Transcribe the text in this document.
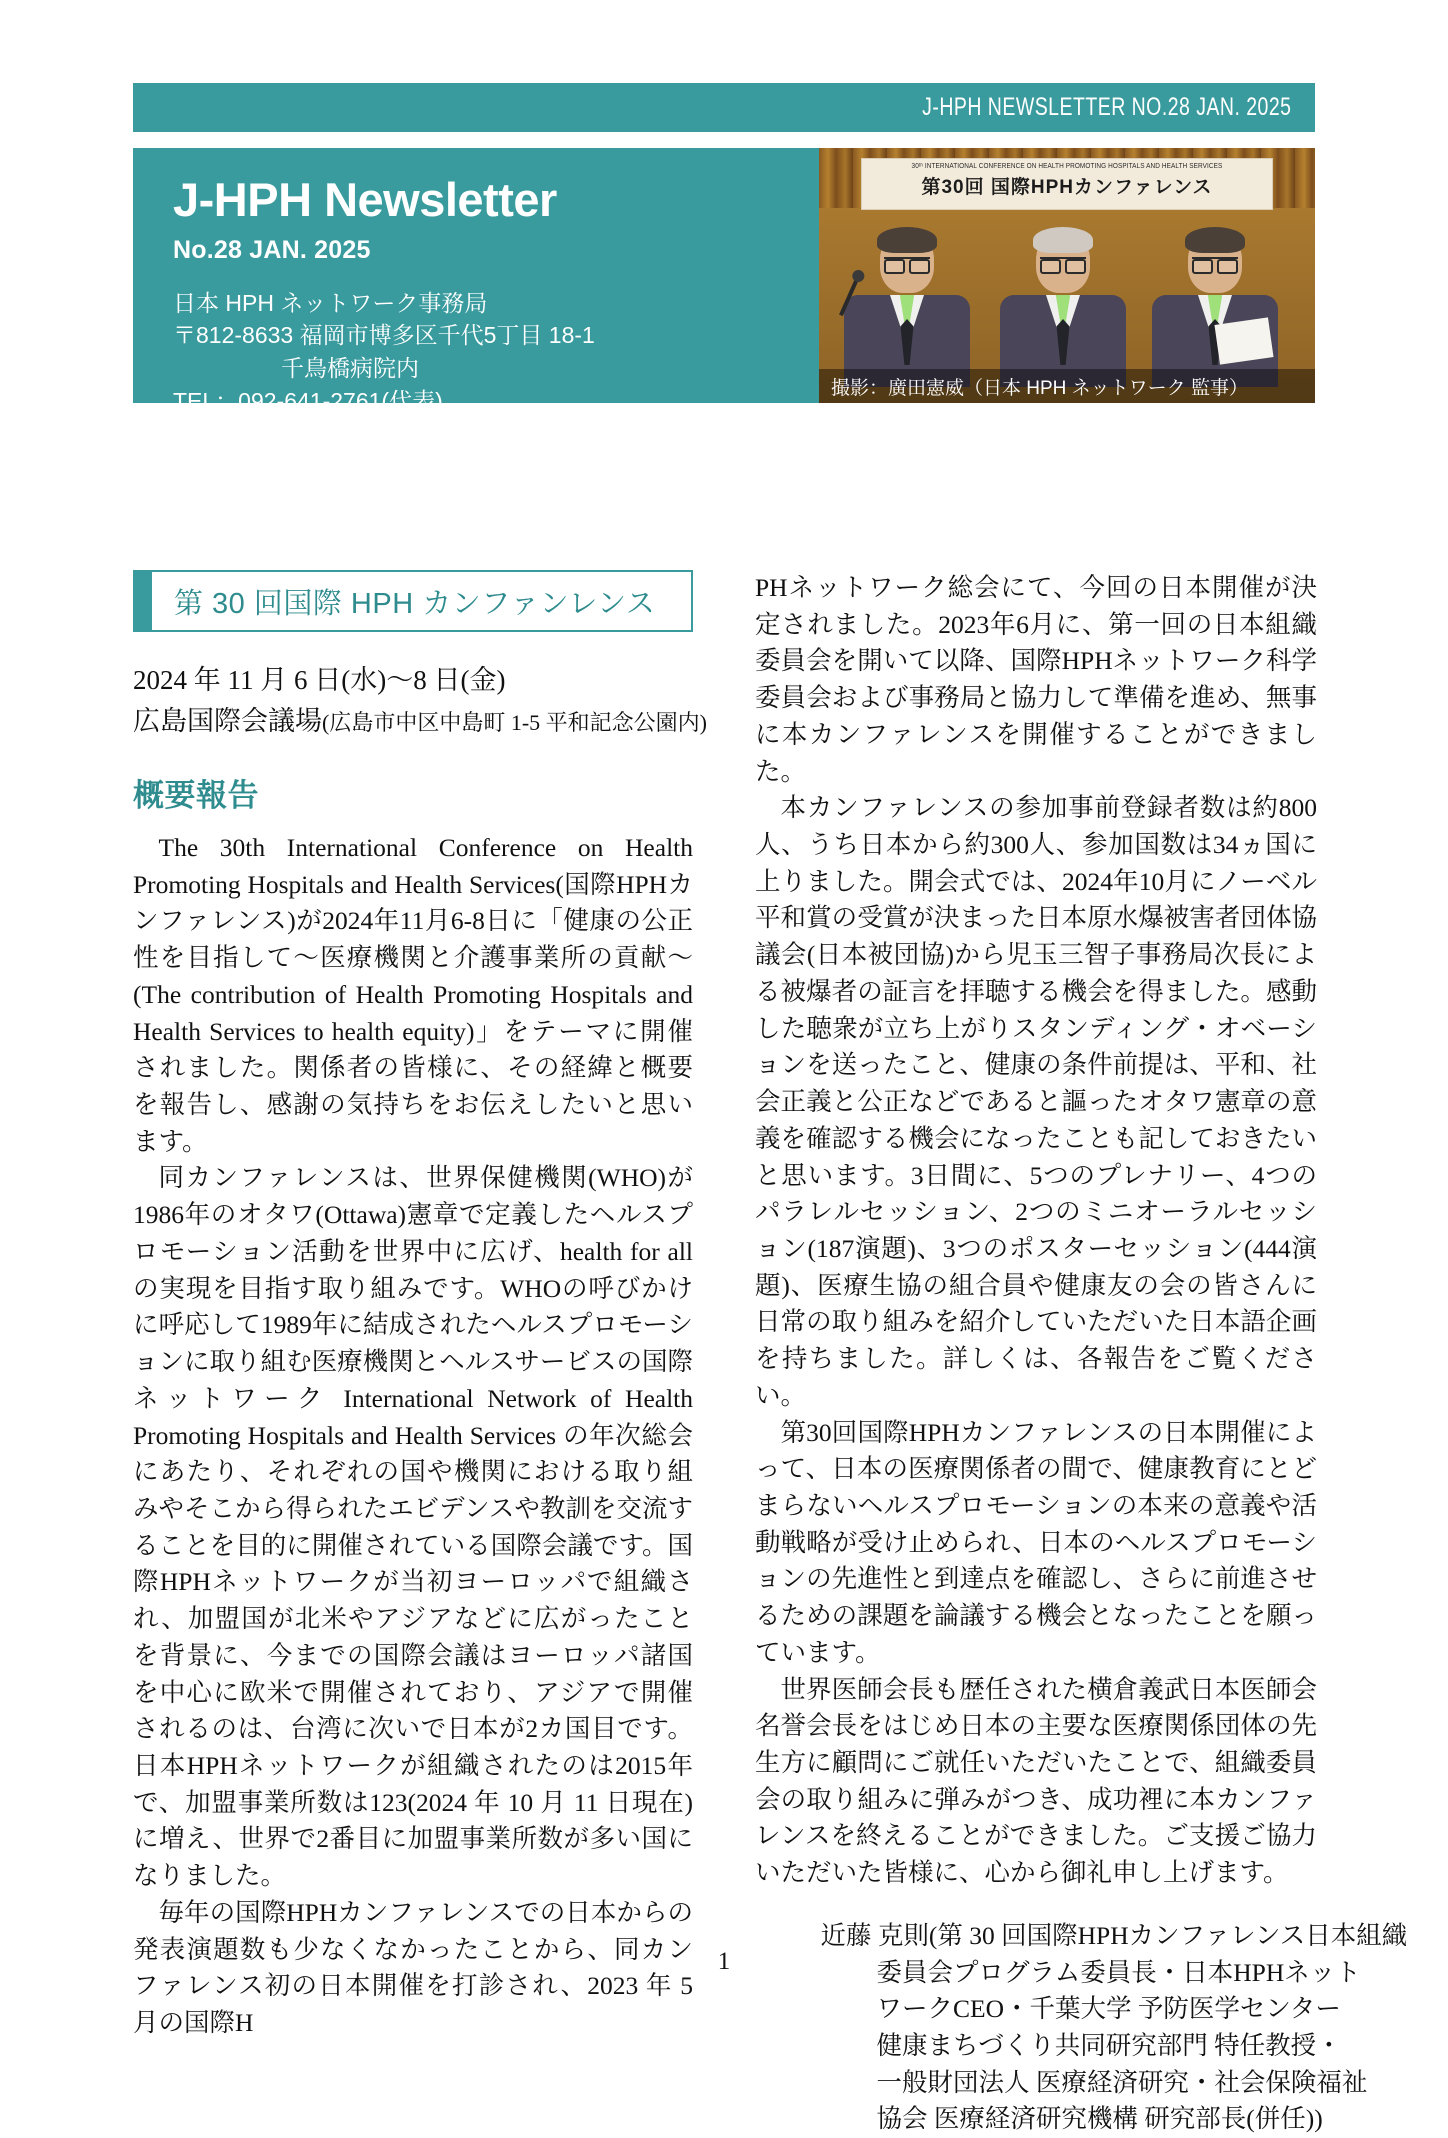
J-HPH NEWSLETTER NO.28 JAN. 2025
J-HPH Newsletter
No.28 JAN. 2025
日本 HPH ネットワーク事務局
〒812-8633 福岡市博多区千代5丁目 18-1
千鳥橋病院内
TEL：092-641-2761(代表)
office@hphnet.jp　https://hphnet.jp
30ᵗʰ INTERNATIONAL CONFERENCE ON HEALTH PROMOTING HOSPITALS AND HEALTH SERVICES
第30回 国際HPHカンファレンス
撮影：廣田憲威（日本 HPH ネットワーク 監事）
第 30 回国際 HPH カンファンレンス

2024 年 11 月 6 日(水)〜8 日(金)

広島国際会議場(広島市中区中島町 1-5 平和記念公園内)

概要報告

The 30th International Conference on Health Promoting Hospitals and Health Services(国際HPHカンファレンス)が2024年11月6-8日に「健康の公正性を目指して〜医療機関と介護事業所の貢献〜(The contribution of Health Promoting Hospitals and Health Services to health equity)」をテーマに開催されました。関係者の皆様に、その経緯と概要を報告し、感謝の気持ちをお伝えしたいと思います。

同カンファレンスは、世界保健機関(WHO)が1986年のオタワ(Ottawa)憲章で定義したヘルスプロモーション活動を世界中に広げ、health for all の実現を目指す取り組みです。WHOの呼びかけに呼応して1989年に結成されたヘルスプロモーションに取り組む医療機関とヘルスサービスの国際ネットワーク International Network of Health Promoting Hospitals and Health Services の年次総会にあたり、それぞれの国や機関における取り組みやそこから得られたエビデンスや教訓を交流することを目的に開催されている国際会議です。国際HPHネットワークが当初ヨーロッパで組織され、加盟国が北米やアジアなどに広がったことを背景に、今までの国際会議はヨーロッパ諸国を中心に欧米で開催されており、アジアで開催されるのは、台湾に次いで日本が2カ国目です。日本HPHネットワークが組織されたのは2015年で、加盟事業所数は123(2024 年 10 月 11 日現在)に増え、世界で2番目に加盟事業所数が多い国になりました。

毎年の国際HPHカンファレンスでの日本からの発表演題数も少なくなかったことから、同カンファレンス初の日本開催を打診され、2023 年 5 月の国際H

PHネットワーク総会にて、今回の日本開催が決定されました。2023年6月に、第一回の日本組織委員会を開いて以降、国際HPHネットワーク科学委員会および事務局と協力して準備を進め、無事に本カンファレンスを開催することができました。

本カンファレンスの参加事前登録者数は約800人、うち日本から約300人、参加国数は34ヵ国に上りました。開会式では、2024年10月にノーベル平和賞の受賞が決まった日本原水爆被害者団体協議会(日本被団協)から児玉三智子事務局次長による被爆者の証言を拝聴する機会を得ました。感動した聴衆が立ち上がりスタンディング・オベーションを送ったこと、健康の条件前提は、平和、社会正義と公正などであると謳ったオタワ憲章の意義を確認する機会になったことも記しておきたいと思います。3日間に、5つのプレナリー、4つのパラレルセッション、2つのミニオーラルセッション(187演題)、3つのポスターセッション(444演題)、医療生協の組合員や健康友の会の皆さんに日常の取り組みを紹介していただいた日本語企画を持ちました。詳しくは、各報告をご覧ください。

第30回国際HPHカンファレンスの日本開催によって、日本の医療関係者の間で、健康教育にとどまらないヘルスプロモーションの本来の意義や活動戦略が受け止められ、日本のヘルスプロモーションの先進性と到達点を確認し、さらに前進させるための課題を論議する機会となったことを願っています。

世界医師会長も歴任された横倉義武日本医師会名誉会長をはじめ日本の主要な医療関係団体の先生方に顧問にご就任いただいたことで、組織委員会の取り組みに弾みがつき、成功裡に本カンファレンスを終えることができました。ご支援ご協力いただいた皆様に、心から御礼申し上げます。

近藤 克則(第 30 回国際HPHカンファレンス日本組織

委員会プログラム委員長・日本HPHネット

ワークCEO・千葉大学 予防医学センター

健康まちづくり共同研究部門 特任教授・

一般財団法人 医療経済研究・社会保険福祉

協会 医療経済研究機構 研究部長(併任))

1
